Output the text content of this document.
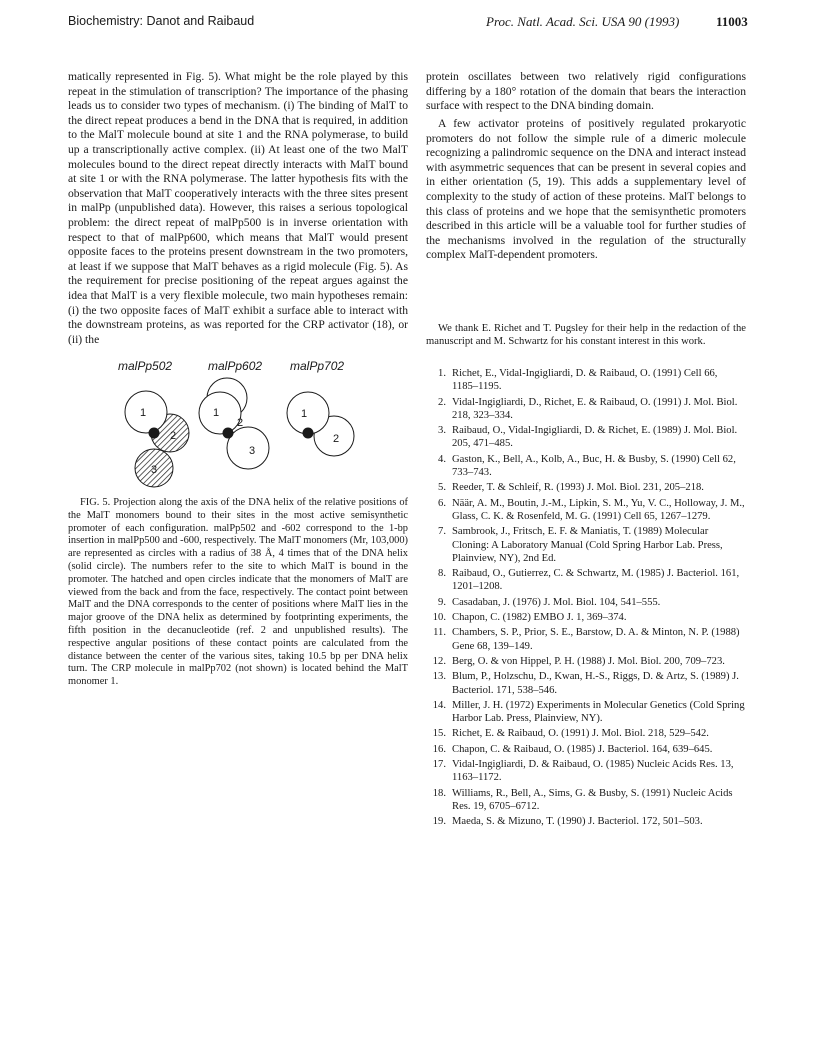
Biochemistry: Danot and Raibaud	Proc. Natl. Acad. Sci. USA 90 (1993)	11003

matically represented in Fig. 5). What might be the role played by this repeat in the stimulation of transcription? The importance of the phasing leads us to consider two types of mechanism. (i) The binding of MalT to the direct repeat produces a bend in the DNA that is required, in addition to the MalT molecule bound at site 1 and the RNA polymerase, to build up a transcriptionally active complex. (ii) At least one of the two MalT molecules bound to the direct repeat directly interacts with MalT bound at site 1 or with the RNA polymerase. The latter hypothesis fits with the observation that MalT cooperatively interacts with the three sites present in malPp (unpublished data). However, this raises a serious topological problem: the direct repeat of malPp500 is in inverse orientation with respect to that of malPp600, which means that MalT would present opposite faces to the proteins present downstream in the two promoters, at least if we suppose that MalT behaves as a rigid molecule (Fig. 5). As the requirement for precise positioning of the repeat argues against the idea that MalT is a very flexible molecule, two main hypotheses remain: (i) the two opposite faces of MalT exhibit a surface able to interact with the downstream proteins, as was reported for the CRP activator (18), or (ii) the

malPp502	malPp602 malPp702
1
2
3
1
2
3
1
2

FIG. 5. Projection along the axis of the DNA helix of the relative positions of the MalT monomers bound to their sites in the most active semisynthetic promoter of each configuration. malPp502 and -602 correspond to the 1-bp insertion in malPp500 and -600, respectively. The MalT monomers (Mr, 103,000) are represented as circles with a radius of 38 Å, 4 times that of the DNA helix (solid circle). The numbers refer to the site to which MalT is bound in the promoter. The hatched and open circles indicate that the monomers of MalT are viewed from the back and from the face, respectively. The contact point between MalT and the DNA corresponds to the center of positions where MalT lies in the major groove of the DNA helix as determined by footprinting experiments, the fifth position in the decanucleotide (ref. 2 and unpublished results). The respective angular positions of these contact points are calculated from the distance between the center of the various sites, taking 10.5 bp per DNA helix turn. The CRP molecule in malPp702 (not shown) is located behind the MalT monomer 1.

protein oscillates between two relatively rigid configurations differing by a 180° rotation of the domain that bears the interaction surface with respect to the DNA binding domain.

A few activator proteins of positively regulated prokaryotic promoters do not follow the simple rule of a dimeric molecule recognizing a palindromic sequence on the DNA and interact instead with asymmetric sequences that can be present in several copies and in either orientation (5, 19). This adds a supplementary level of complexity to the study of action of these proteins. MalT belongs to this class of proteins and we hope that the semisynthetic promoters described in this article will be a valuable tool for further studies of the mechanisms involved in the regulation of the structurally complex MalT-dependent promoters.

We thank E. Richet and T. Pugsley for their help in the redaction of the manuscript and M. Schwartz for his constant interest in this work.

1. Richet, E., Vidal-Ingigliardi, D. & Raibaud, O. (1991) Cell 66, 1185–1195.
2. Vidal-Ingigliardi, D., Richet, E. & Raibaud, O. (1991) J. Mol. Biol. 218, 323–334.
3. Raibaud, O., Vidal-Ingigliardi, D. & Richet, E. (1989) J. Mol. Biol. 205, 471–485.
4. Gaston, K., Bell, A., Kolb, A., Buc, H. & Busby, S. (1990) Cell 62, 733–743.
5. Reeder, T. & Schleif, R. (1993) J. Mol. Biol. 231, 205–218.
6. Näär, A. M., Boutin, J.-M., Lipkin, S. M., Yu, V. C., Holloway, J. M., Glass, C. K. & Rosenfeld, M. G. (1991) Cell 65, 1267–1279.
7. Sambrook, J., Fritsch, E. F. & Maniatis, T. (1989) Molecular Cloning: A Laboratory Manual (Cold Spring Harbor Lab. Press, Plainview, NY), 2nd Ed.
8. Raibaud, O., Gutierrez, C. & Schwartz, M. (1985) J. Bacteriol. 161, 1201–1208.
9. Casadaban, J. (1976) J. Mol. Biol. 104, 541–555.
10. Chapon, C. (1982) EMBO J. 1, 369–374.
11. Chambers, S. P., Prior, S. E., Barstow, D. A. & Minton, N. P. (1988) Gene 68, 139–149.
12. Berg, O. & von Hippel, P. H. (1988) J. Mol. Biol. 200, 709–723.
13. Blum, P., Holzschu, D., Kwan, H.-S., Riggs, D. & Artz, S. (1989) J. Bacteriol. 171, 538–546.
14. Miller, J. H. (1972) Experiments in Molecular Genetics (Cold Spring Harbor Lab. Press, Plainview, NY).
15. Richet, E. & Raibaud, O. (1991) J. Mol. Biol. 218, 529–542.
16. Chapon, C. & Raibaud, O. (1985) J. Bacteriol. 164, 639–645.
17. Vidal-Ingigliardi, D. & Raibaud, O. (1985) Nucleic Acids Res. 13, 1163–1172.
18. Williams, R., Bell, A., Sims, G. & Busby, S. (1991) Nucleic Acids Res. 19, 6705–6712.
19. Maeda, S. & Mizuno, T. (1990) J. Bacteriol. 172, 501–503.
